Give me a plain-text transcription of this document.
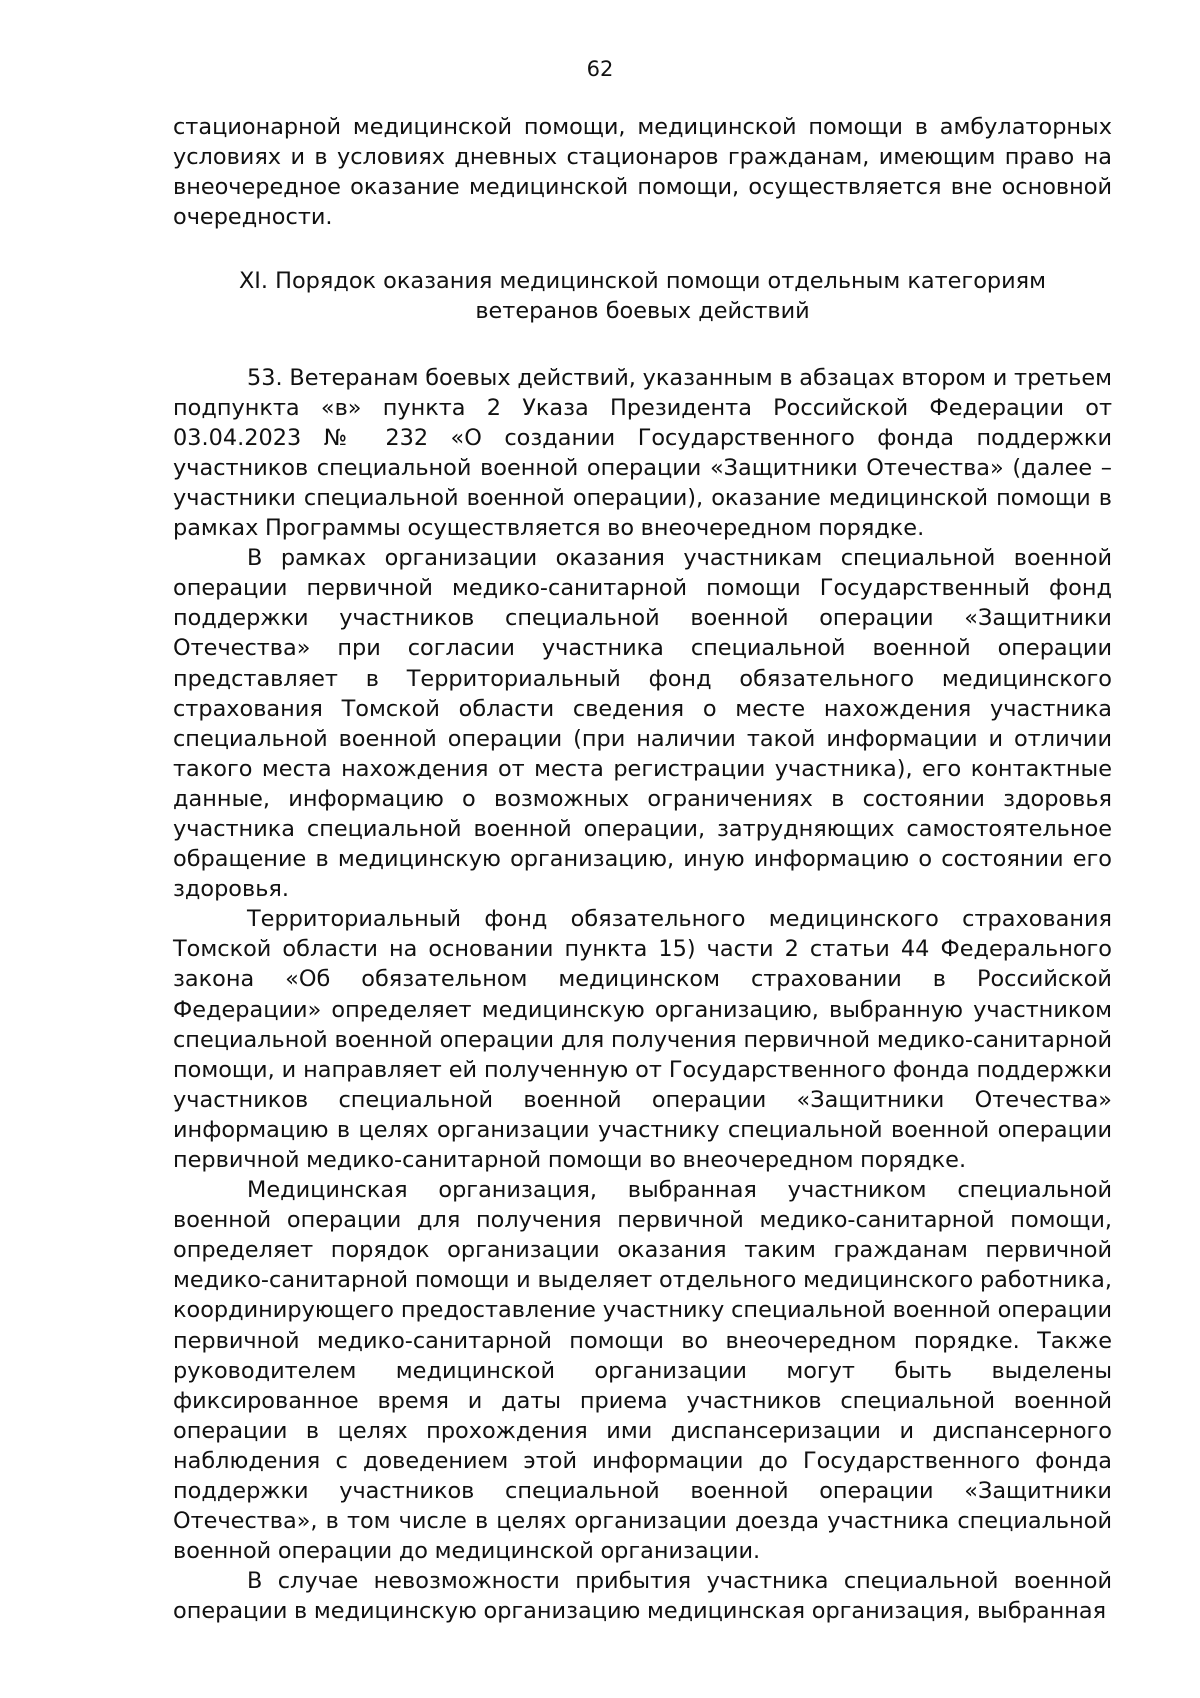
62

стационарной медицинской помощи, медицинской помощи в амбулаторных условиях и в условиях дневных стационаров гражданам, имеющим право на внеочередное оказание медицинской помощи, осуществляется вне основной очередности.

XI. Порядок оказания медицинской помощи отдельным категориям
ветеранов боевых действий

53. Ветеранам боевых действий, указанным в абзацах втором и третьем подпункта «в» пункта 2 Указа Президента Российской Федерации от 03.04.2023 № 232 «О создании Государственного фонда поддержки участников специальной военной операции «Защитники Отечества» (далее – участники специальной военной операции), оказание медицинской помощи в рамках Программы осуществляется во внеочередном порядке.

В рамках организации оказания участникам специальной военной операции первичной медико-санитарной помощи Государственный фонд поддержки участников специальной военной операции «Защитники Отечества» при согласии участника специальной военной операции представляет в Территориальный фонд обязательного медицинского страхования Томской области сведения о месте нахождения участника специальной военной операции (при наличии такой информации и отличии такого места нахождения от места регистрации участника), его контактные данные, информацию о возможных ограничениях в состоянии здоровья участника специальной военной операции, затрудняющих самостоятельное обращение в медицинскую организацию, иную информацию о состоянии его здоровья.

Территориальный фонд обязательного медицинского страхования Томской области на основании пункта 15) части 2 статьи 44 Федерального закона «Об обязательном медицинском страховании в Российской Федерации» определяет медицинскую организацию, выбранную участником специальной военной операции для получения первичной медико-санитарной помощи, и направляет ей полученную от Государственного фонда поддержки участников специальной военной операции «Защитники Отечества» информацию в целях организации участнику специальной военной операции первичной медико-санитарной помощи во внеочередном порядке.

Медицинская организация, выбранная участником специальной военной операции для получения первичной медико-санитарной помощи, определяет порядок организации оказания таким гражданам первичной медико-санитарной помощи и выделяет отдельного медицинского работника, координирующего предоставление участнику специальной военной операции первичной медико-санитарной помощи во внеочередном порядке. Также руководителем медицинской организации могут быть выделены фиксированное время и даты приема участников специальной военной операции в целях прохождения ими диспансеризации и диспансерного наблюдения с доведением этой информации до Государственного фонда поддержки участников специальной военной операции «Защитники Отечества», в том числе в целях организации доезда участника специальной военной операции до медицинской организации.

В случае невозможности прибытия участника специальной военной операции в медицинскую организацию медицинская организация, выбранная
